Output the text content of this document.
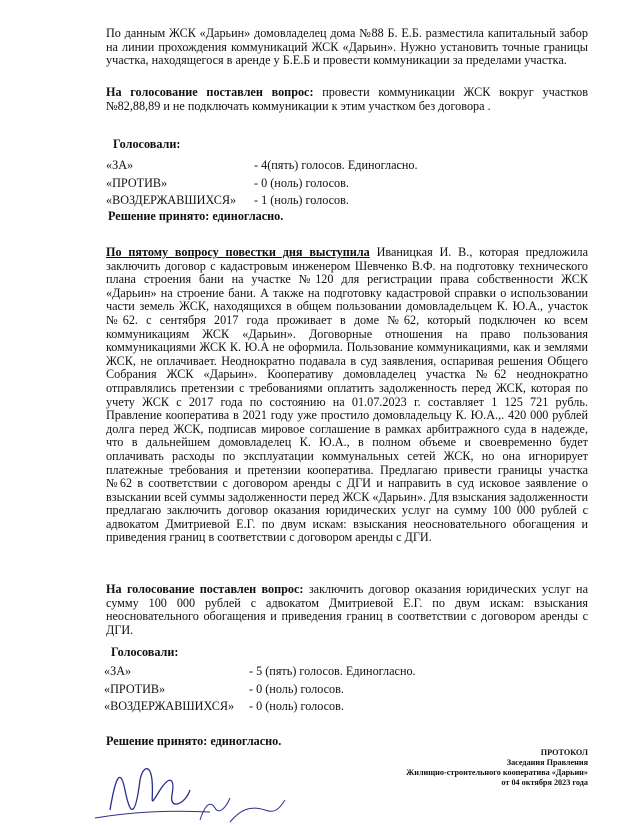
По данным ЖСК «Дарьин» домовладелец дома №88 Б. Е.Б. разместила капитальный забор на линии прохождения коммуникаций ЖСК «Дарьин». Нужно установить точные границы участка, находящегося в аренде у Б.Е.Б и провести коммуникации за пределами участка.
На голосование поставлен вопрос: провести коммуникации ЖСК вокруг участков №82,88,89 и не подключать коммуникации к этим участком без договора .
Голосовали:
«ЗА»	- 4(пять) голосов. Единогласно.
«ПРОТИВ»	- 0 (ноль) голосов.
«ВОЗДЕРЖАВШИХСЯ» - 1 (ноль) голосов.
Решение принято: единогласно.
По пятому вопросу повестки дня выступила Иваницкая И. В., которая предложила заключить договор с кадастровым инженером Шевченко В.Ф. на подготовку технического плана строения бани на участке №120 для регистрации права собственности ЖСК «Дарьин» на строение бани. А также на подготовку кадастровой справки о использовании части земель ЖСК, находящихся в общем пользовании домовладельцем К. Ю.А., участок №62. с сентября 2017 года проживает в доме №62, который подключен ко всем коммуникациям ЖСК «Дарьин». Договорные отношения на право пользования коммуникациями ЖСК К. Ю.А не оформила. Пользование коммуникациями, как и землями ЖСК, не оплачивает. Неоднократно подавала в суд заявления, оспаривая решения Общего Собрания ЖСК «Дарьин». Кооперативу домовладелец участка №62 неоднократно отправлялись претензии с требованиями оплатить задолженность перед ЖСК, которая по учету ЖСК с 2017 года по состоянию на 01.07.2023 г. составляет 1 125 721 рубль. Правление кооператива в 2021 году уже простило домовладельцу К. Ю.А.,. 420 000 рублей долга перед ЖСК, подписав мировое соглашение в рамках арбитражного суда в надежде, что в дальнейшем домовладелец К. Ю.А., в полном объеме и своевременно будет оплачивать расходы по эксплуатации коммунальных сетей ЖСК, но она игнорирует платежные требования и претензии кооператива. Предлагаю привести границы участка №62 в соответствии с договором аренды с ДГИ и направить в суд исковое заявление о взыскании всей суммы задолженности перед ЖСК «Дарьин». Для взыскания задолженности предлагаю заключить договор оказания юридических услуг на сумму 100 000 рублей с адвокатом Дмитриевой Е.Г. по двум искам: взыскания неосновательного обогащения и приведения границ в соответствии с договором аренды с ДГИ.
На голосование поставлен вопрос: заключить договор оказания юридических услуг на сумму 100 000 рублей с адвокатом Дмитриевой Е.Г. по двум искам: взыскания неосновательного обогащения и приведения границ в соответствии с договором аренды с ДГИ.
Голосовали:
«ЗА»	- 5 (пять) голосов. Единогласно.
«ПРОТИВ»	- 0 (ноль) голосов.
«ВОЗДЕРЖАВШИХСЯ» - 0 (ноль) голосов.
Решение принято: единогласно.
ПРОТОКОЛ
Заседания Правления
Жилищно-строительного кооператива «Дарьин»
от 04 октября 2023 года
